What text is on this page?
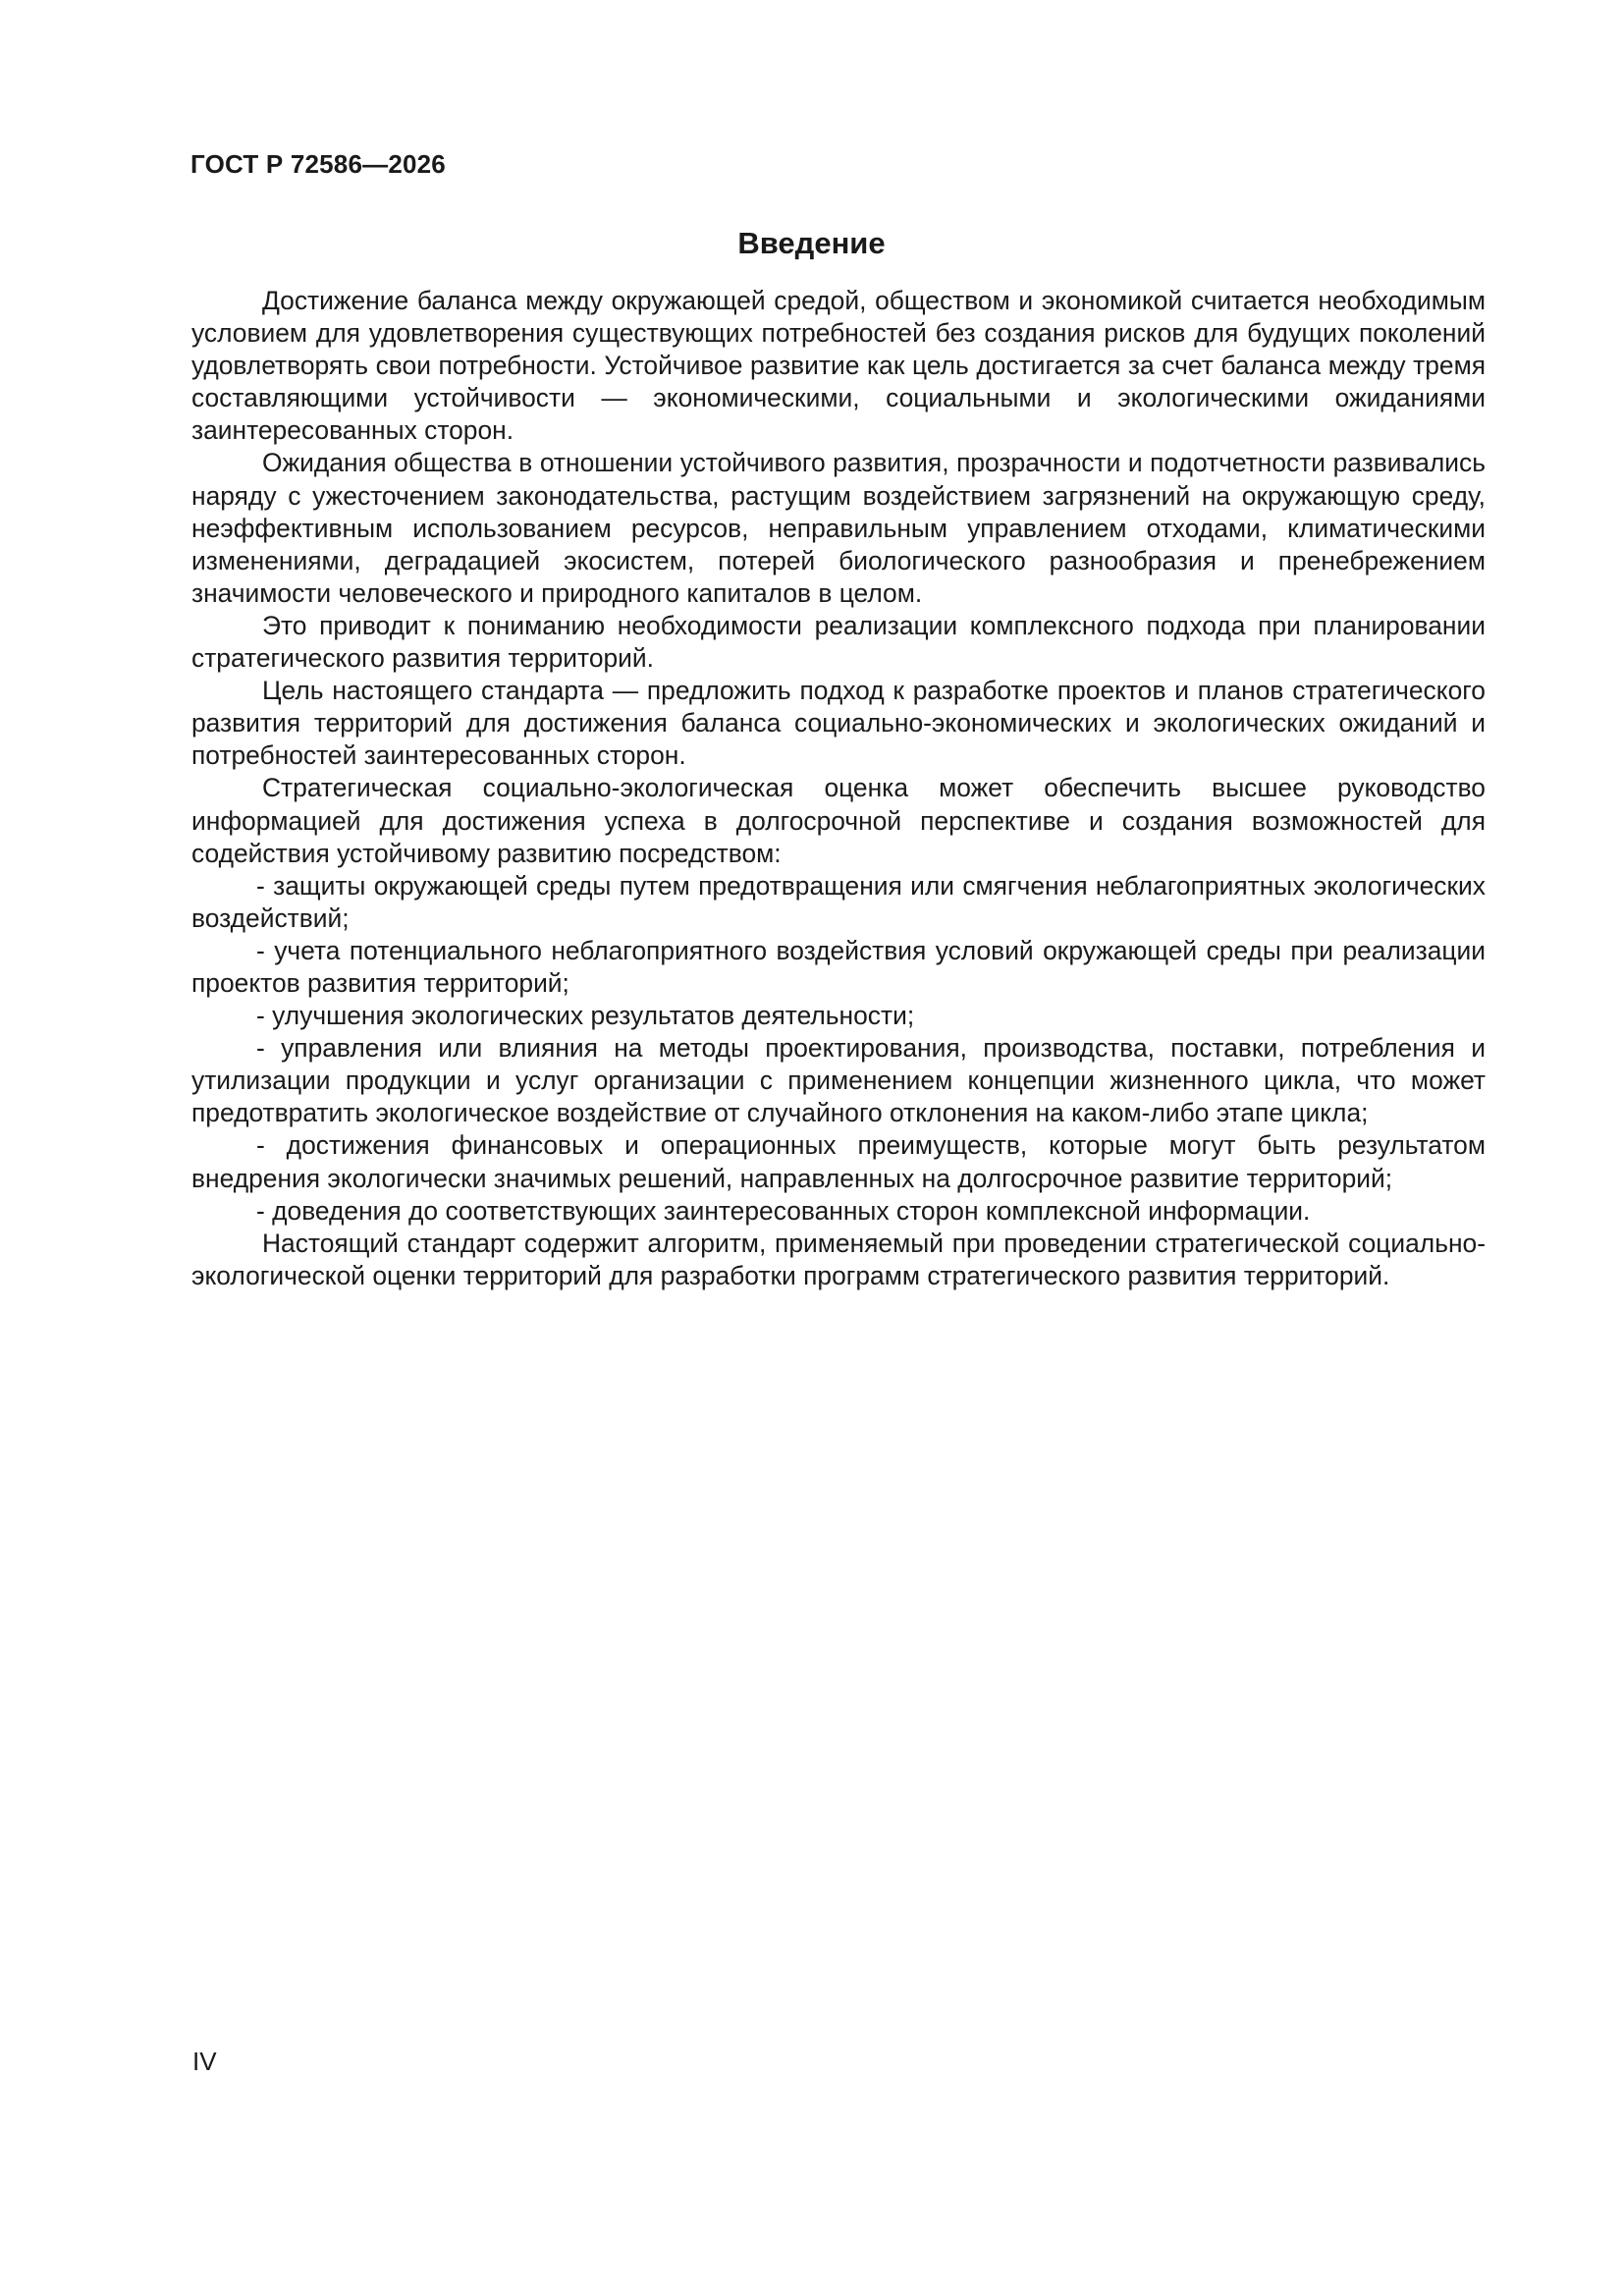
ГОСТ Р 72586—2026
Введение

Достижение баланса между окружающей средой, обществом и экономикой считается необходимым условием для удовлетворения существующих потребностей без создания рисков для будущих поколений удовлетворять свои потребности. Устойчивое развитие как цель достигается за счет баланса между тремя составляющими устойчивости — экономическими, социальными и экологическими ожиданиями заинтересованных сторон.

Ожидания общества в отношении устойчивого развития, прозрачности и подотчетности развивались наряду с ужесточением законодательства, растущим воздействием загрязнений на окружающую среду, неэффективным использованием ресурсов, неправильным управлением отходами, климатическими изменениями, деградацией экосистем, потерей биологического разнообразия и пренебрежением значимости человеческого и природного капиталов в целом.

Это приводит к пониманию необходимости реализации комплексного подхода при планировании стратегического развития территорий.

Цель настоящего стандарта — предложить подход к разработке проектов и планов стратегического развития территорий для достижения баланса социально-экономических и экологических ожиданий и потребностей заинтересованных сторон.

Стратегическая социально-экологическая оценка может обеспечить высшее руководство информацией для достижения успеха в долгосрочной перспективе и создания возможностей для содействия устойчивому развитию посредством:

- защиты окружающей среды путем предотвращения или смягчения неблагоприятных экологических воздействий;

- учета потенциального неблагоприятного воздействия условий окружающей среды при реализации проектов развития территорий;

- улучшения экологических результатов деятельности;

- управления или влияния на методы проектирования, производства, поставки, потребления и утилизации продукции и услуг организации с применением концепции жизненного цикла, что может предотвратить экологическое воздействие от случайного отклонения на каком-либо этапе цикла;

- достижения финансовых и операционных преимуществ, которые могут быть результатом внедрения экологически значимых решений, направленных на долгосрочное развитие территорий;

- доведения до соответствующих заинтересованных сторон комплексной информации.

Настоящий стандарт содержит алгоритм, применяемый при проведении стратегической социально-экологической оценки территорий для разработки программ стратегического развития территорий.

IV
